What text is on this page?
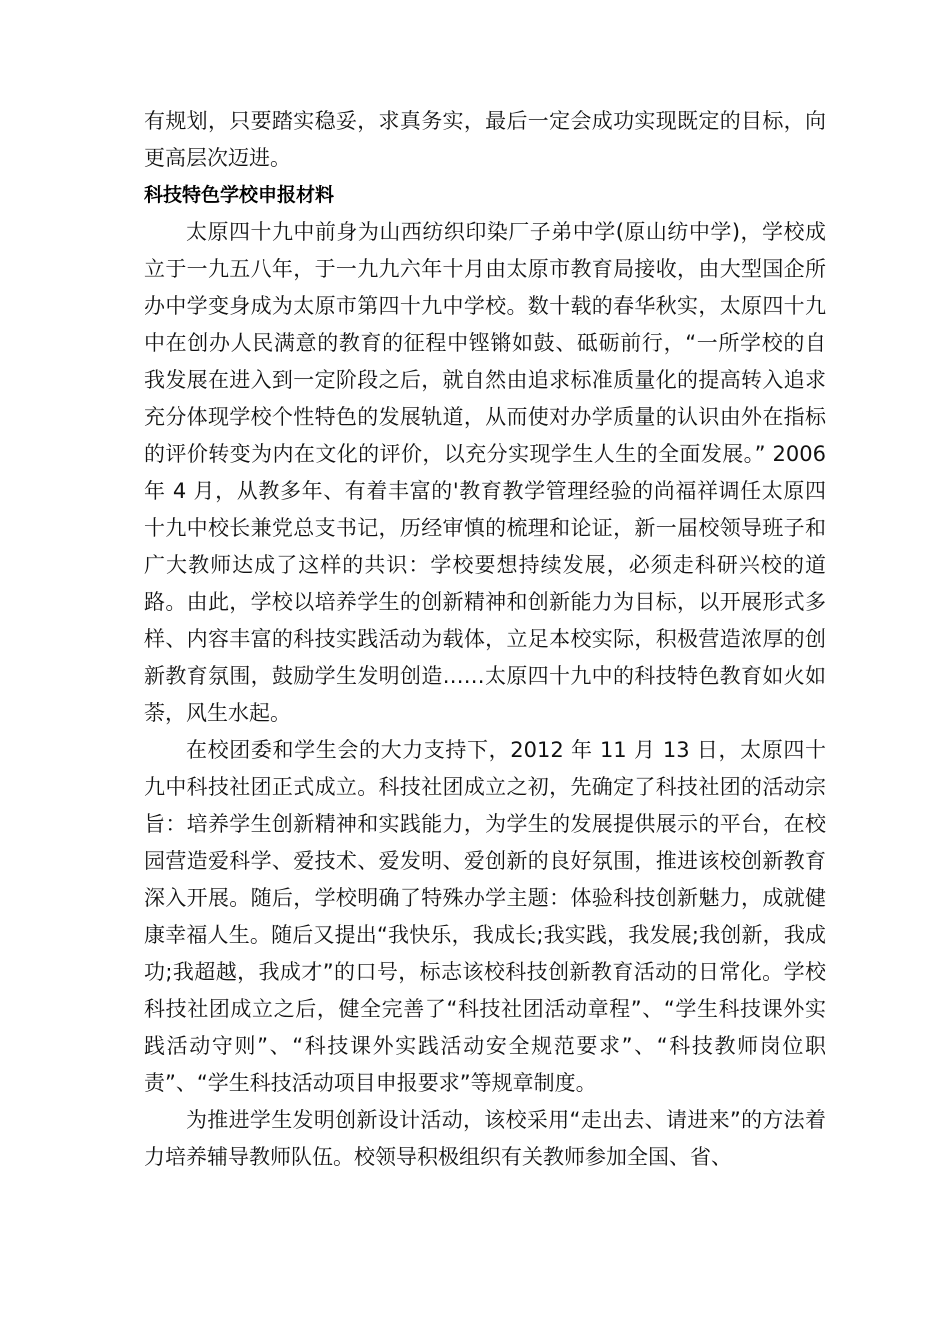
有规划，只要踏实稳妥，求真务实，最后一定会成功实现既定的目标，向更高层次迈进。

科技特色学校申报材料

太原四十九中前身为山西纺织印染厂子弟中学(原山纺中学)，学校成立于一九五八年，于一九九六年十月由太原市教育局接收，由大型国企所办中学变身成为太原市第四十九中学校。数十载的春华秋实，太原四十九中在创办人民满意的教育的征程中铿锵如鼓、砥砺前行，“一所学校的自我发展在进入到一定阶段之后，就自然由追求标准质量化的提高转入追求充分体现学校个性特色的发展轨道，从而使对办学质量的认识由外在指标的评价转变为内在文化的评价，以充分实现学生人生的全面发展。” 2006 年 4 月，从教多年、有着丰富的'教育教学管理经验的尚福祥调任太原四十九中校长兼党总支书记，历经审慎的梳理和论证，新一届校领导班子和广大教师达成了这样的共识：学校要想持续发展，必须走科研兴校的道路。由此，学校以培养学生的创新精神和创新能力为目标，以开展形式多样、内容丰富的科技实践活动为载体，立足本校实际，积极营造浓厚的创新教育氛围，鼓励学生发明创造……太原四十九中的科技特色教育如火如荼，风生水起。

在校团委和学生会的大力支持下，2012 年 11 月 13 日，太原四十九中科技社团正式成立。科技社团成立之初，先确定了科技社团的活动宗旨：培养学生创新精神和实践能力，为学生的发展提供展示的平台，在校园营造爱科学、爱技术、爱发明、爱创新的良好氛围，推进该校创新教育深入开展。随后，学校明确了特殊办学主题：体验科技创新魅力，成就健康幸福人生。随后又提出“我快乐，我成长;我实践，我发展;我创新，我成功;我超越，我成才”的口号，标志该校科技创新教育活动的日常化。学校科技社团成立之后，健全完善了“科技社团活动章程”、“学生科技课外实践活动守则”、“科技课外实践活动安全规范要求”、“科技教师岗位职责”、“学生科技活动项目申报要求”等规章制度。

为推进学生发明创新设计活动，该校采用“走出去、请进来”的方法着力培养辅导教师队伍。校领导积极组织有关教师参加全国、省、
